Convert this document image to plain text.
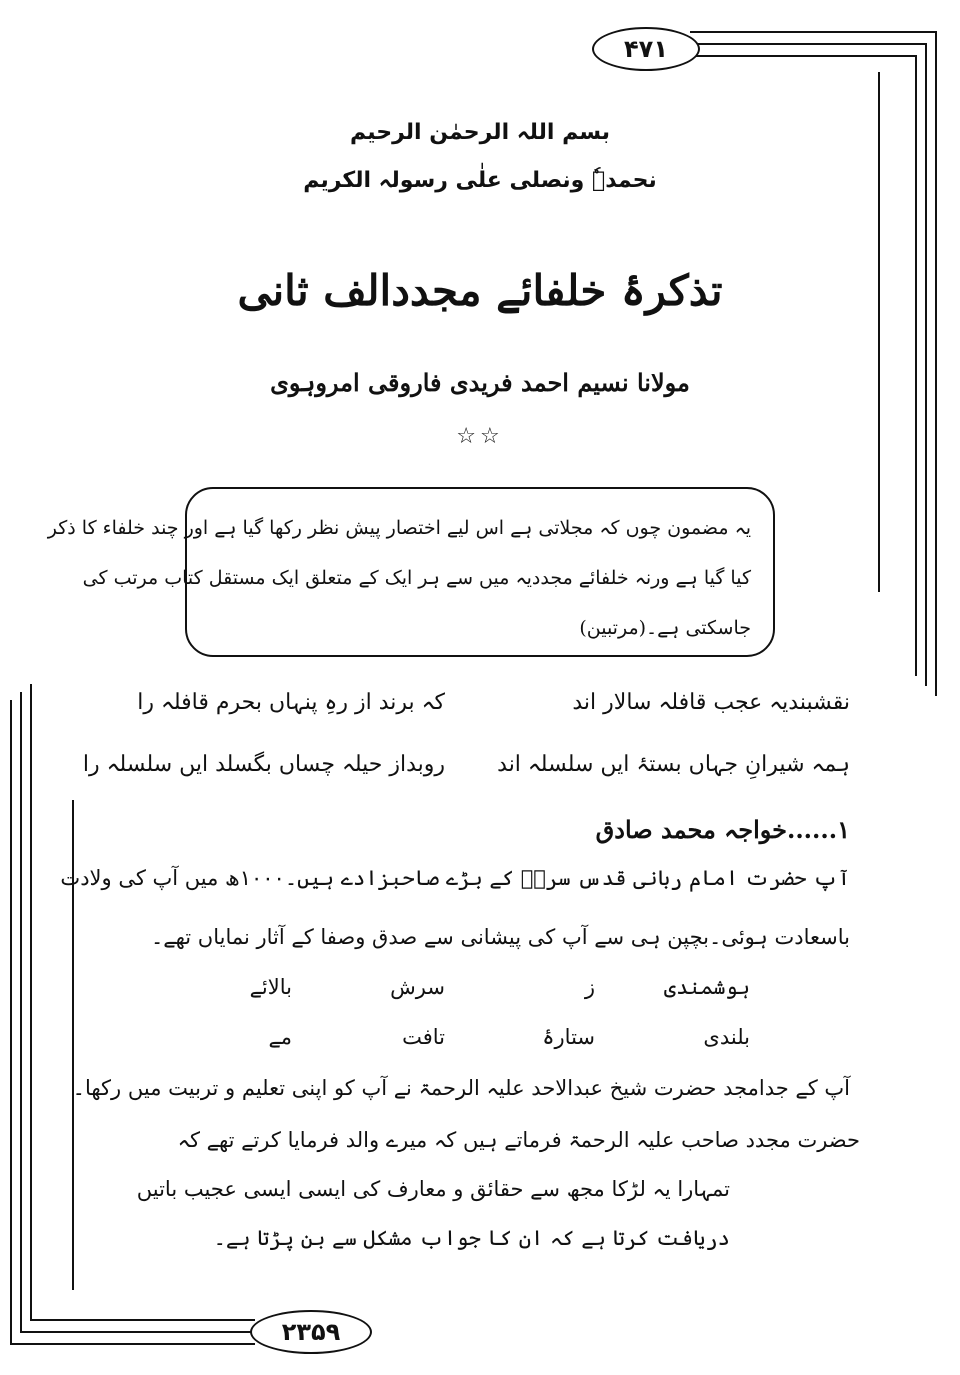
۴۷۱
۲۳۵۹
بسم اللہ الرحمٰن الرحیم
نحمدہٗ ونصلی علٰی رسولہ الکریم
تذکرۂ خلفائے مجددالف ثانی
مولانا نسیم احمد فریدی فاروقی امروہوی
☆☆
یہ مضمون چوں کہ مجلاتی ہے اس لیے اختصار پیش نظر رکھا گیا ہے اور چند خلفاء کا ذکر
کیا گیا ہے ورنہ خلفائے مجددیہ میں سے ہر ایک کے متعلق ایک مستقل کتاب مرتب کی
جاسکتی ہے۔(مرتبین)
نقشبندیہ عجب قافلہ سالار اند
کہ برند از رہِ پنہاں بحرم قافلہ را
ہمہ شیرانِ جہاں بستۂ ایں سلسلہ اند
روبداز حیلہ چساں بگسلد ایں سلسلہ را
۱......خواجہ محمد صادق
آپ حضرت امام ربانی قدس سرہٗ کے بڑے صاحبزادے ہیں۔۱۰۰۰ھ میں آپ کی ولادت
باسعادت ہوئی۔بچپن ہی سے آپ کی پیشانی سے صدق وصفا کے آثار نمایاں تھے۔
بالائے	سرش	ز	ہوشمندی
مے	تافت	ستارۂ	بلندی
آپ کے جدامجد حضرت شیخ عبدالاحد علیہ الرحمۃ نے آپ کو اپنی تعلیم و تربیت میں رکھا۔
حضرت مجدد صاحب علیہ الرحمۃ فرماتے ہیں کہ میرے والد فرمایا کرتے تھے کہ
تمہارا یہ لڑکا مجھ سے حقائق و معارف کی ایسی ایسی عجیب باتیں
دریافت کرتا ہے کہ ان کا جواب مشکل سے بن پڑتا ہے۔
